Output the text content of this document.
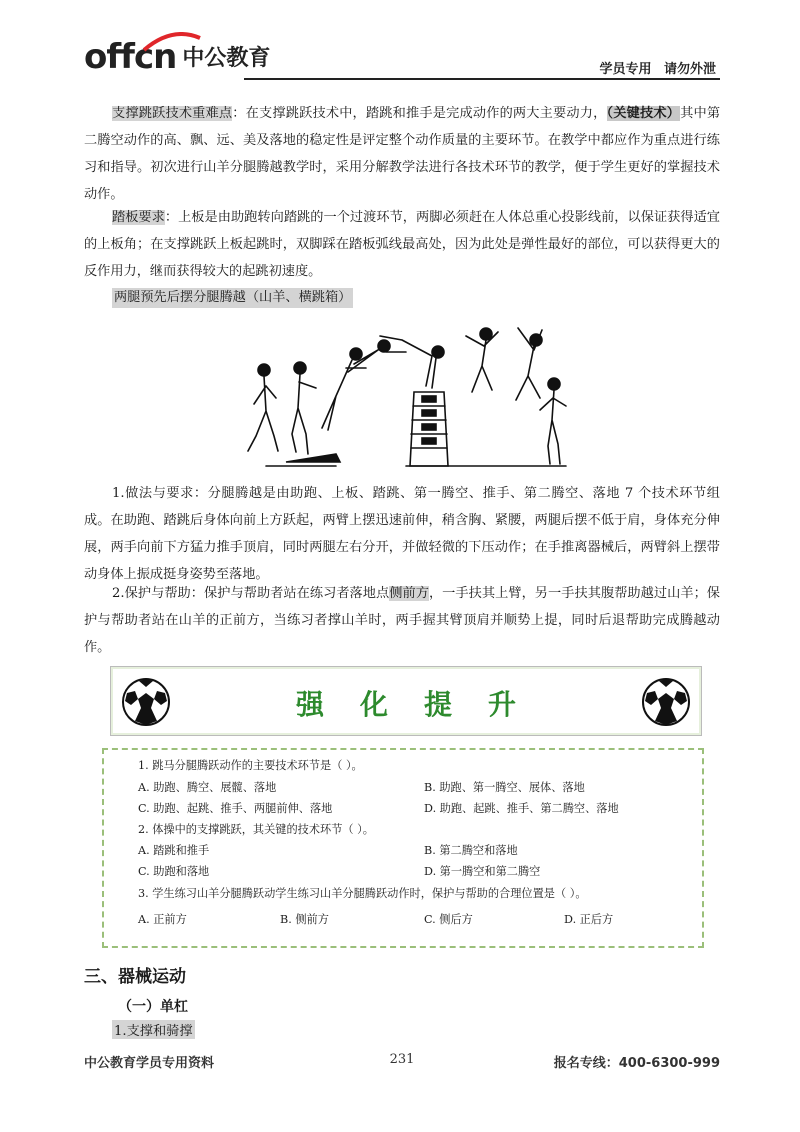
offcn 中公教育	学员专用 请勿外泄
支撑跳跃技术重难点：在支撑跳跃技术中，踏跳和推手是完成动作的两大主要动力，（关键技术）其中第二腾空动作的高、飘、远、美及落地的稳定性是评定整个动作质量的主要环节。在教学中都应作为重点进行练习和指导。初次进行山羊分腿腾越教学时，采用分解教学法进行各技术环节的教学，便于学生更好的掌握技术动作。
踏板要求：上板是由助跑转向踏跳的一个过渡环节，两脚必须赶在人体总重心投影线前，以保证获得适宜的上板角；在支撑跳跃上板起跳时，双脚踩在踏板弧线最高处，因为此处是弹性最好的部位，可以获得更大的反作用力，继而获得较大的起跳初速度。
两腿预先后摆分腿腾越（山羊、横跳箱）
1.做法与要求：分腿腾越是由助跑、上板、踏跳、第一腾空、推手、第二腾空、落地 7 个技术环节组成。在助跑、踏跳后身体向前上方跃起，两臂上摆迅速前伸，稍含胸、紧腰，两腿后摆不低于肩，身体充分伸展，两手向前下方猛力推手顶肩，同时两腿左右分开，并做轻微的下压动作；在手推离器械后，两臂斜上摆带动身体上振成挺身姿势至落地。
2.保护与帮助：保护与帮助者站在练习者落地点侧前方，一手扶其上臂，另一手扶其腹帮助越过山羊；保护与帮助者站在山羊的正前方，当练习者撑山羊时，两手握其臂顶肩并顺势上提，同时后退帮助完成腾越动作。
强化提升
1. 跳马分腿腾跃动作的主要技术环节是（ ）。
A. 助跑、腾空、展髋、落地	B. 助跑、第一腾空、展体、落地
C. 助跑、起跳、推手、两腿前伸、落地	D. 助跑、起跳、推手、第二腾空、落地
2. 体操中的支撑跳跃，其关键的技术环节（ ）。
A. 踏跳和推手	B. 第二腾空和落地
C. 助跑和落地	D. 第一腾空和第二腾空
3. 学生练习山羊分腿腾跃动学生练习山羊分腿腾跃动作时，保护与帮助的合理位置是（ ）。
A. 正前方	B. 侧前方	C. 侧后方	D. 正后方
三、器械运动
（一）单杠
1.支撑和骑撑
中公教育学员专用资料	231	报名专线：400-6300-999
